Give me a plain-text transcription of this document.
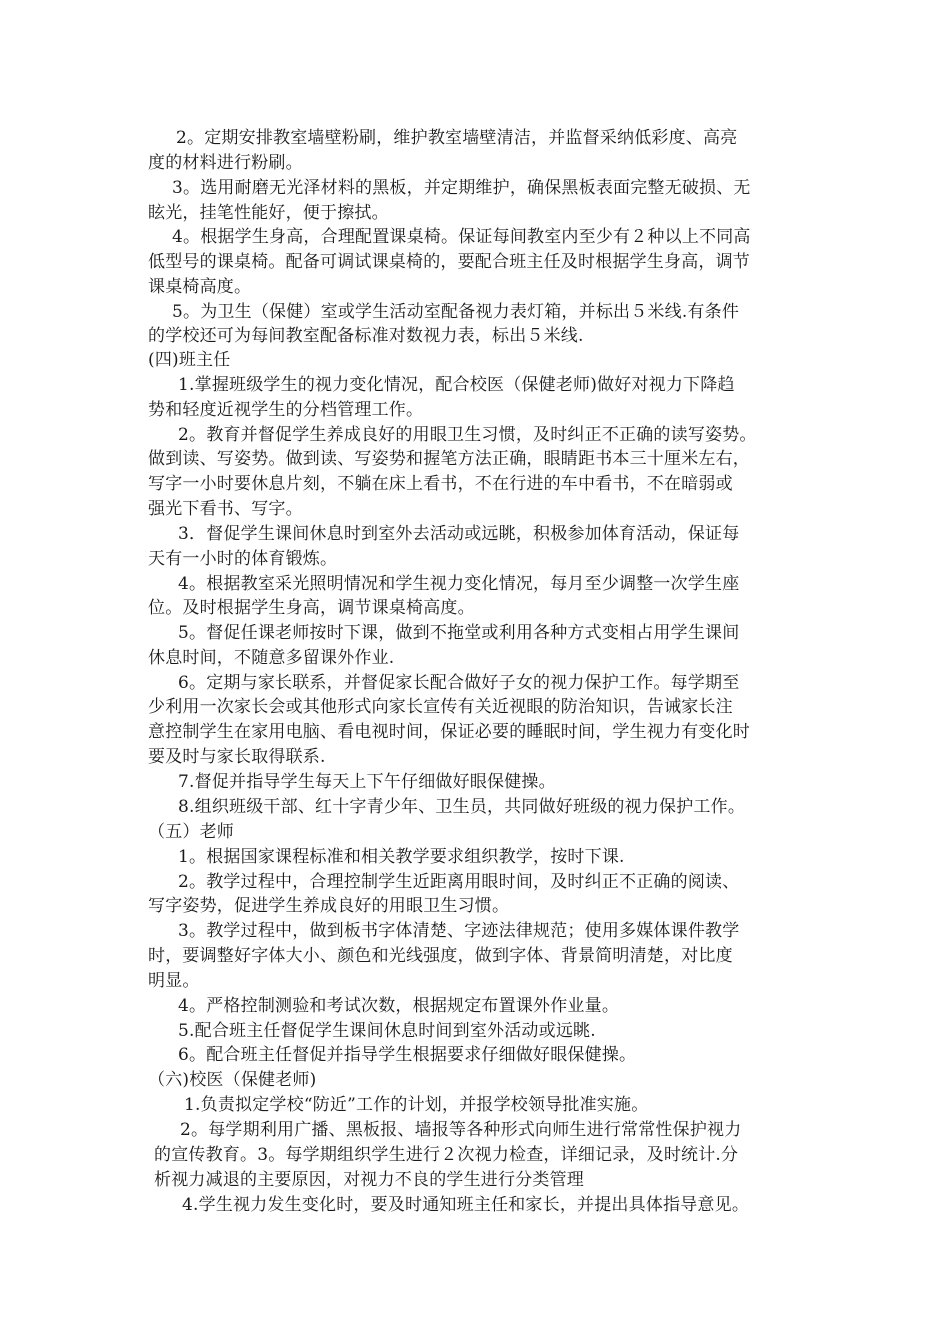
2。定期安排教室墙壁粉刷，维护教室墙壁清洁，并监督采纳低彩度、高亮
度的材料进行粉刷。
3。选用耐磨无光泽材料的黑板，并定期维护，确保黑板表面完整无破损、无
眩光，挂笔性能好，便于擦拭。
4。根据学生身高，合理配置课桌椅。保证每间教室内至少有２种以上不同高
低型号的课桌椅。配备可调试课桌椅的，要配合班主任及时根据学生身高，调节
课桌椅高度。
5。为卫生（保健）室或学生活动室配备视力表灯箱，并标出５米线.有条件
的学校还可为每间教室配备标准对数视力表，标出５米线.
(四)班主任
1.掌握班级学生的视力变化情况，配合校医（保健老师)做好对视力下降趋
势和轻度近视学生的分档管理工作。
2。教育并督促学生养成良好的用眼卫生习惯，及时纠正不正确的读写姿势。
做到读、写姿势。做到读、写姿势和握笔方法正确，眼睛距书本三十厘米左右，
写字一小时要休息片刻，不躺在床上看书，不在行进的车中看书，不在暗弱或
强光下看书、写字。
3．督促学生课间休息时到室外去活动或远眺，积极参加体育活动，保证每
天有一小时的体育锻炼。
4。根据教室采光照明情况和学生视力变化情况，每月至少调整一次学生座
位。及时根据学生身高，调节课桌椅高度。
5。督促任课老师按时下课，做到不拖堂或利用各种方式变相占用学生课间
休息时间，不随意多留课外作业.
6。定期与家长联系，并督促家长配合做好子女的视力保护工作。每学期至
少利用一次家长会或其他形式向家长宣传有关近视眼的防治知识，告诫家长注
意控制学生在家用电脑、看电视时间，保证必要的睡眠时间，学生视力有变化时
要及时与家长取得联系.
7.督促并指导学生每天上下午仔细做好眼保健操。
8.组织班级干部、红十字青少年、卫生员，共同做好班级的视力保护工作。
（五）老师
1。根据国家课程标准和相关教学要求组织教学，按时下课.
2。教学过程中，合理控制学生近距离用眼时间，及时纠正不正确的阅读、
写字姿势，促进学生养成良好的用眼卫生习惯。
3。教学过程中，做到板书字体清楚、字迹法律规范；使用多媒体课件教学
时，要调整好字体大小、颜色和光线强度，做到字体、背景简明清楚，对比度
明显。
4。严格控制测验和考试次数，根据规定布置课外作业量。
5.配合班主任督促学生课间休息时间到室外活动或远眺.
6。配合班主任督促并指导学生根据要求仔细做好眼保健操。
（六)校医（保健老师)
1.负责拟定学校“防近”工作的计划，并报学校领导批准实施。
2。每学期利用广播、黑板报、墙报等各种形式向师生进行常常性保护视力
的宣传教育。3。每学期组织学生进行２次视力检查，详细记录，及时统计.分
析视力减退的主要原因，对视力不良的学生进行分类管理
4.学生视力发生变化时，要及时通知班主任和家长，并提出具体指导意见。
